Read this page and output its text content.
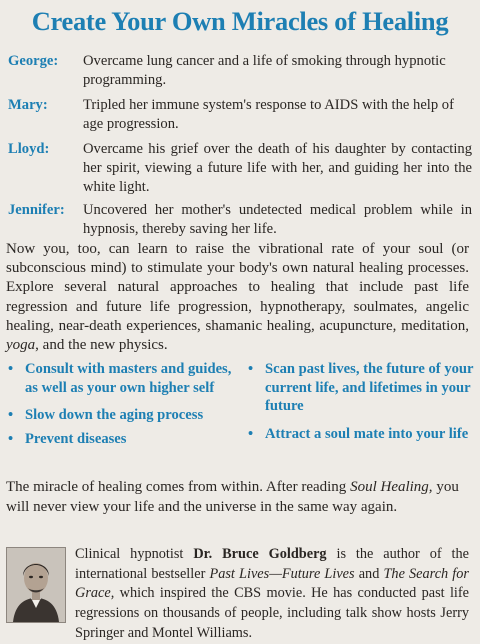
Create Your Own Miracles of Healing
George: Overcame lung cancer and a life of smoking through hypnotic programming.
Mary: Tripled her immune system's response to AIDS with the help of age progression.
Lloyd: Overcame his grief over the death of his daughter by contacting her spirit, viewing a future life with her, and guiding her into the white light.
Jennifer: Uncovered her mother's undetected medical problem while in hypnosis, thereby saving her life.
Now you, too, can learn to raise the vibrational rate of your soul (or subconscious mind) to stimulate your body's own natural healing processes. Explore several natural approaches to healing that include past life regression and future life progression, hypnotherapy, soulmates, angelic healing, near-death experiences, shamanic healing, acupuncture, meditation, yoga, and the new physics.
• Consult with masters and guides, as well as your own higher self
• Slow down the aging process
• Prevent diseases
• Scan past lives, the future of your current life, and lifetimes in your future
• Attract a soul mate into your life
The miracle of healing comes from within. After reading Soul Healing, you will never view your life and the universe in the same way again.
Clinical hypnotist Dr. Bruce Goldberg is the author of the international bestseller Past Lives—Future Lives and The Search for Grace, which inspired the CBS movie. He has conducted past life regressions on thousands of people, including talk show hosts Jerry Springer and Montel Williams.
